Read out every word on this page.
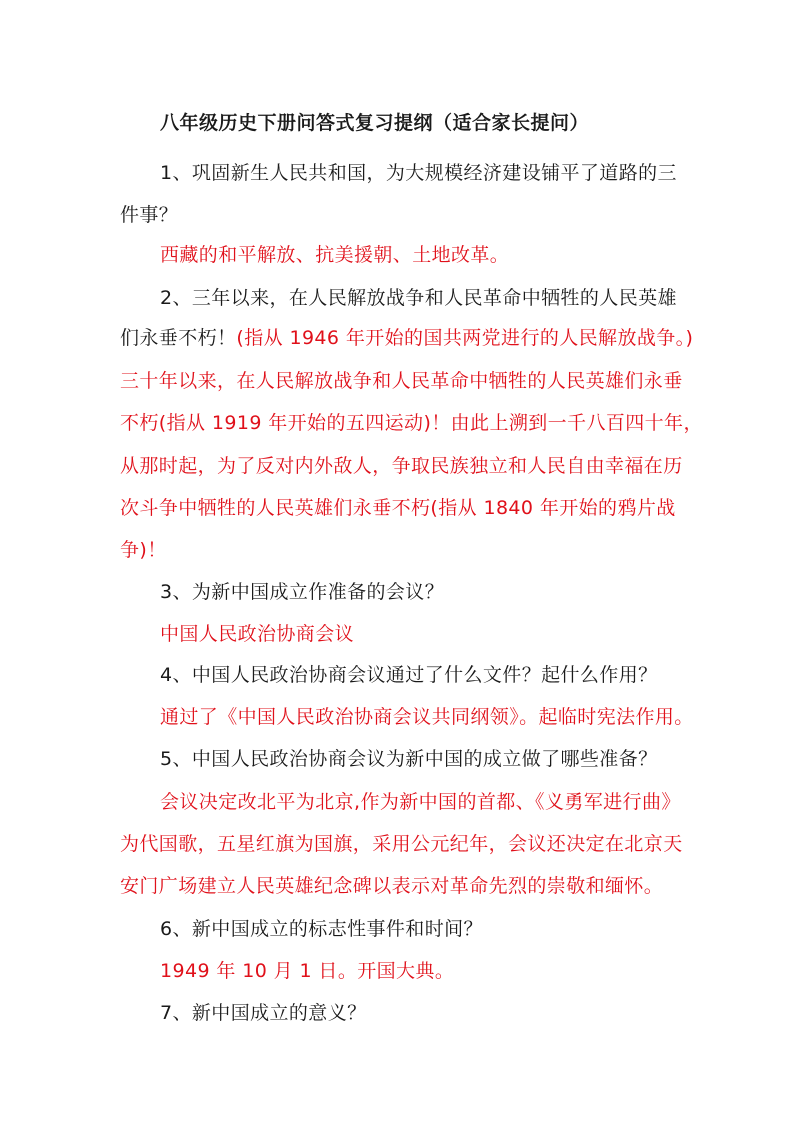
八年级历史下册问答式复习提纲（适合家长提问）
1、巩固新生人民共和国，为大规模经济建设铺平了道路的三
件事？
西藏的和平解放、抗美援朝、土地改革。
2、三年以来，在人民解放战争和人民革命中牺牲的人民英雄
们永垂不朽！(指从 1946 年开始的国共两党进行的人民解放战争。)
三十年以来，在人民解放战争和人民革命中牺牲的人民英雄们永垂
不朽(指从 1919 年开始的五四运动)！由此上溯到一千八百四十年，
从那时起，为了反对内外敌人，争取民族独立和人民自由幸福在历
次斗争中牺牲的人民英雄们永垂不朽(指从 1840 年开始的鸦片战
争)！
3、为新中国成立作准备的会议？
中国人民政治协商会议
4、中国人民政治协商会议通过了什么文件？起什么作用？
通过了《中国人民政治协商会议共同纲领》。起临时宪法作用。
5、中国人民政治协商会议为新中国的成立做了哪些准备？
会议决定改北平为北京,作为新中国的首都、《义勇军进行曲》
为代国歌，五星红旗为国旗，采用公元纪年，会议还决定在北京天
安门广场建立人民英雄纪念碑以表示对革命先烈的崇敬和缅怀。
6、新中国成立的标志性事件和时间？
1949 年 10 月 1 日。开国大典。
7、新中国成立的意义？
